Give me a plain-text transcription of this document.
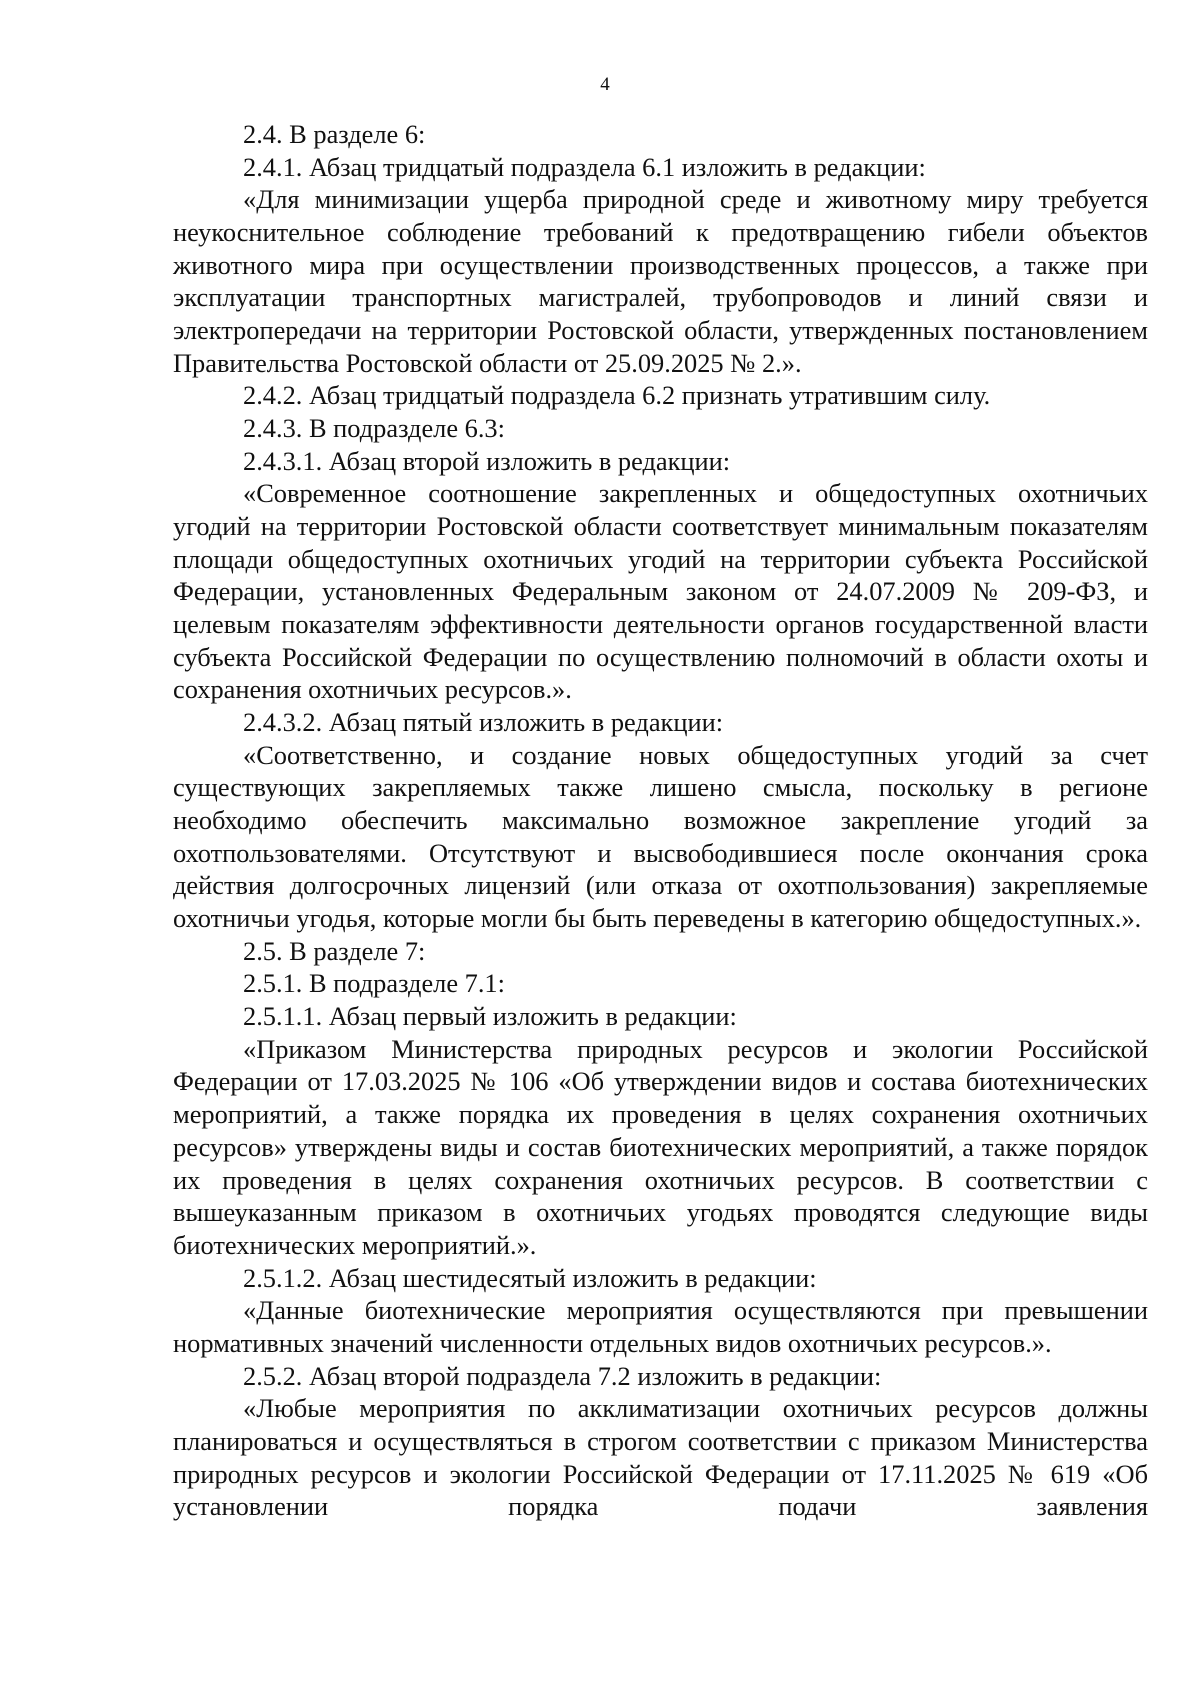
4

2.4. В разделе 6:

2.4.1. Абзац тридцатый подраздела 6.1 изложить в редакции:

«Для минимизации ущерба природной среде и животному миру требуется неукоснительное соблюдение требований к предотвращению гибели объектов животного мира при осуществлении производственных процессов, а также при эксплуатации транспортных магистралей, трубопроводов и линий связи и электропередачи на территории Ростовской области, утвержденных постановлением Правительства Ростовской области от 25.09.2025 № 2.».

2.4.2. Абзац тридцатый подраздела 6.2 признать утратившим силу.

2.4.3. В подразделе 6.3:

2.4.3.1. Абзац второй изложить в редакции:

«Современное соотношение закрепленных и общедоступных охотничьих угодий на территории Ростовской области соответствует минимальным показателям площади общедоступных охотничьих угодий на территории субъекта Российской Федерации, установленных Федеральным законом от 24.07.2009 № 209-ФЗ, и целевым показателям эффективности деятельности органов государственной власти субъекта Российской Федерации по осуществлению полномочий в области охоты и сохранения охотничьих ресурсов.».

2.4.3.2. Абзац пятый изложить в редакции:

«Соответственно, и создание новых общедоступных угодий за счет существующих закрепляемых также лишено смысла, поскольку в регионе необходимо обеспечить максимально возможное закрепление угодий за охотпользователями. Отсутствуют и высвободившиеся после окончания срока действия долгосрочных лицензий (или отказа от охотпользования) закрепляемые охотничьи угодья, которые могли бы быть переведены в категорию общедоступных.».

2.5. В разделе 7:

2.5.1. В подразделе 7.1:

2.5.1.1. Абзац первый изложить в редакции:

«Приказом Министерства природных ресурсов и экологии Российской Федерации от 17.03.2025 № 106 «Об утверждении видов и состава биотехнических мероприятий, а также порядка их проведения в целях сохранения охотничьих ресурсов» утверждены виды и состав биотехнических мероприятий, а также порядок их проведения в целях сохранения охотничьих ресурсов. В соответствии с вышеуказанным приказом в охотничьих угодьях проводятся следующие виды биотехнических мероприятий.».

2.5.1.2. Абзац шестидесятый изложить в редакции:

«Данные биотехнические мероприятия осуществляются при превышении нормативных значений численности отдельных видов охотничьих ресурсов.».

2.5.2. Абзац второй подраздела 7.2 изложить в редакции:

«Любые мероприятия по акклиматизации охотничьих ресурсов должны планироваться и осуществляться в строгом соответствии с приказом Министерства природных ресурсов и экологии Российской Федерации от 17.11.2025 № 619 «Об установлении порядка подачи заявления
